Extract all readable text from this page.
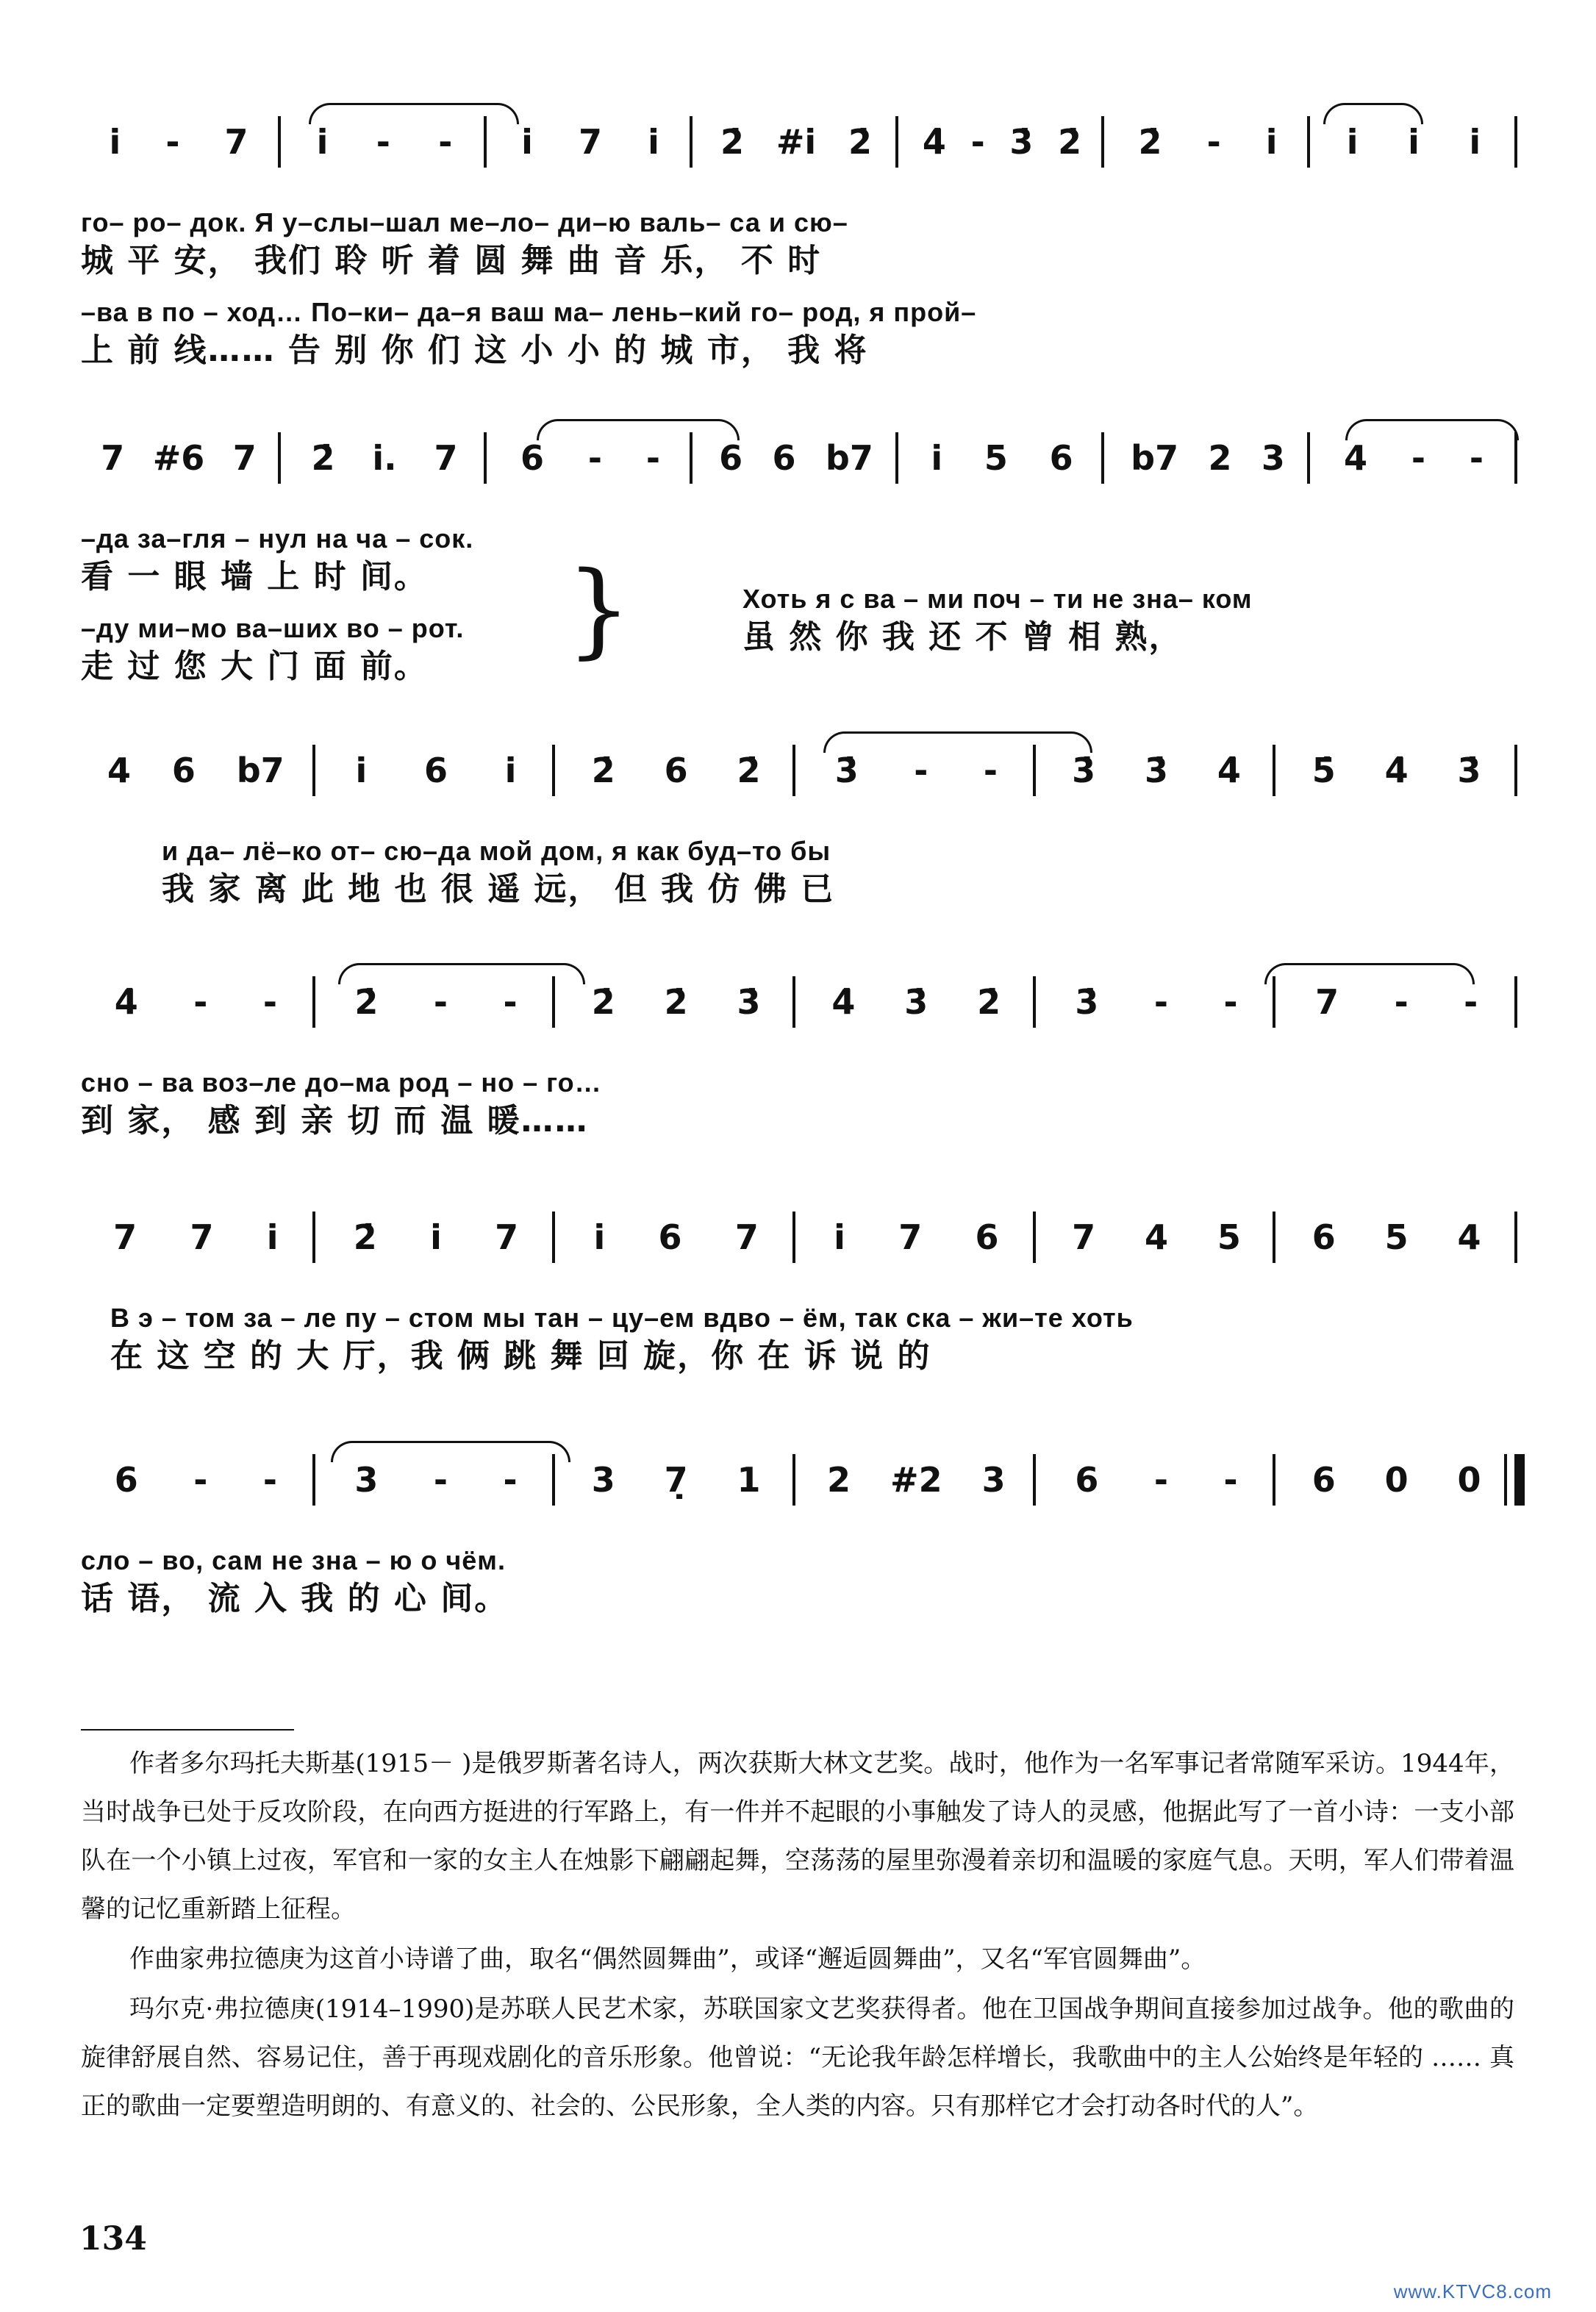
i̇ - 7 i̇ - - i̇ 7 i̇ 2̇ #i̇ 2̇ 4̇ - 3̇ 2̇ 2̇ - i̇ i̇ i̇ i̇
го– ро– док. Я у–слы–шал ме–ло– ди–ю валь– са и сю–
城 平 安， 我们 聆 听 着 圆 舞 曲 音 乐， 不 时
–ва в по – ход… По–ки– да–я ваш ма– лень–кий го– род, я прой–
上 前 线…… 告 别 你 们 这 小 小 的 城 市， 我 将
7 #6 7 2̇ i̇. 7 6 - - 6 6 b7 i̇ 5 6 b7 2 3 4 - -
–да за–гля – нул на ча – сок.
看 一 眼 墙 上 时 间。
–ду ми–мо ва–ших во – рот.
走 过 您 大 门 面 前。
Хоть я с ва – ми поч – ти не зна– ком
虽 然 你 我 还 不 曾 相 熟，
}
4 6 b7 i̇ 6 i̇ 2̇ 6 2̇ 3̇ - - 3̇ 3̇ 4̇ 5̇ 4̇ 3̇
и да– лё–ко от– сю–да мой дом, я как буд–то бы
我 家 离 此 地 也 很 遥 远， 但 我 仿 佛 已
4̇ - - 2̇ - - 2̇ 2̇ 3̇ 4̇ 3̇ 2̇ 3̇ - - 7 - -
сно – ва воз–ле до–ма род – но – го…
到 家， 感 到 亲 切 而 温 暖……
7 7 i̇ 2̇ i̇ 7 i̇ 6 7 i̇ 7 6 7 4 5 6 5 4
В э – том за – ле пу – стом мы тан – цу–ем вдво – ём, так ска – жи–те хоть
在 这 空 的 大 厅，我 俩 跳 舞 回 旋，你 在 诉 说 的
6 - - 3 - - 3 7̣ 1 2 #2 3 6 - - 6 0 0
сло – во, сам не зна – ю о чём.
话 语， 流 入 我 的 心 间。
作者多尔玛托夫斯基(1915－ )是俄罗斯著名诗人，两次获斯大林文艺奖。战时，他作为一名军事记者常随军采访。1944年，当时战争已处于反攻阶段，在向西方挺进的行军路上，有一件并不起眼的小事触发了诗人的灵感，他据此写了一首小诗：一支小部队在一个小镇上过夜，军官和一家的女主人在烛影下翩翩起舞，空荡荡的屋里弥漫着亲切和温暖的家庭气息。天明，军人们带着温馨的记忆重新踏上征程。
作曲家弗拉德庚为这首小诗谱了曲，取名“偶然圆舞曲”，或译“邂逅圆舞曲”，又名“军官圆舞曲”。
玛尔克·弗拉德庚(1914–1990)是苏联人民艺术家，苏联国家文艺奖获得者。他在卫国战争期间直接参加过战争。他的歌曲的旋律舒展自然、容易记住，善于再现戏剧化的音乐形象。他曾说：“无论我年龄怎样增长，我歌曲中的主人公始终是年轻的 …… 真正的歌曲一定要塑造明朗的、有意义的、社会的、公民形象，全人类的内容。只有那样它才会打动各时代的人”。
134
www.KTVC8.com
